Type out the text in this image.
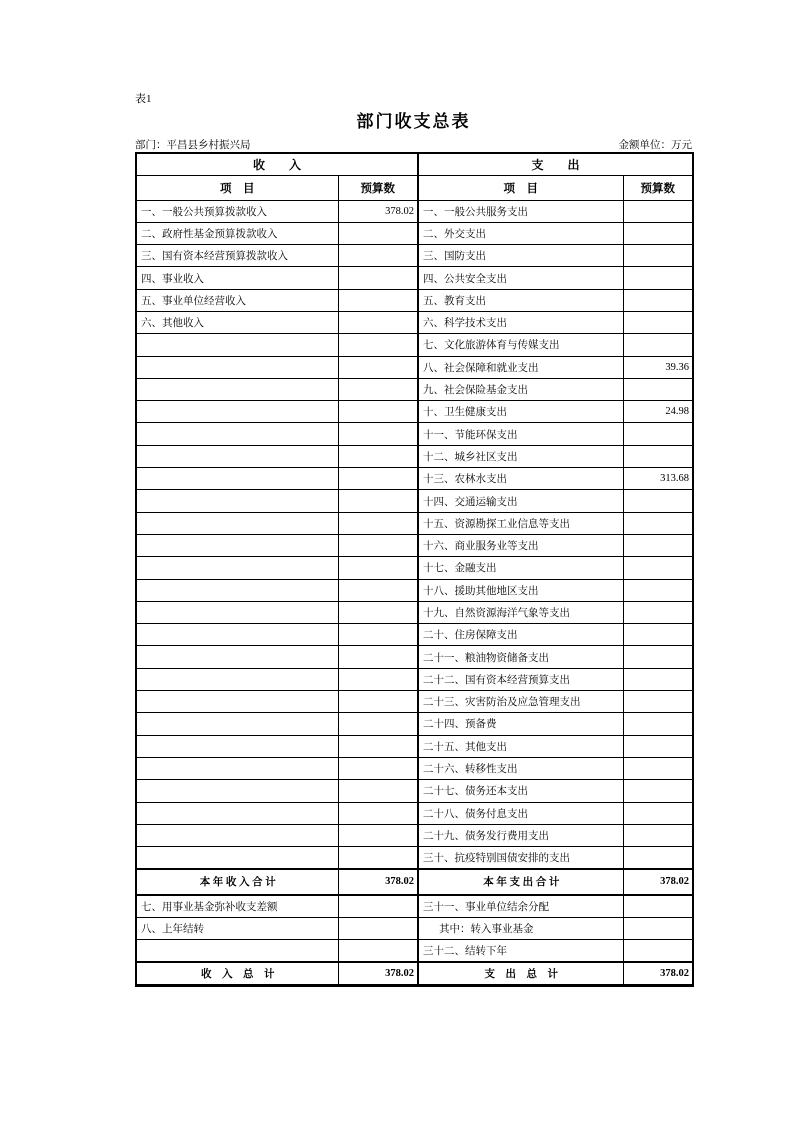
表1
部门收支总表
部门：平昌县乡村振兴局	金额单位：万元
收　　入		支　　出	
项　目	预算数	项　目	预算数
一、一般公共预算拨款收入	378.02	一、一般公共服务支出	
二、政府性基金预算拨款收入		二、外交支出	
三、国有资本经营预算拨款收入		三、国防支出	
四、事业收入		四、公共安全支出	
五、事业单位经营收入		五、教育支出	
六、其他收入		六、科学技术支出	
		七、文化旅游体育与传媒支出	
		八、社会保障和就业支出	39.36
		九、社会保险基金支出	
		十、卫生健康支出	24.98
		十一、节能环保支出	
		十二、城乡社区支出	
		十三、农林水支出	313.68
		十四、交通运输支出	
		十五、资源勘探工业信息等支出	
		十六、商业服务业等支出	
		十七、金融支出	
		十八、援助其他地区支出	
		十九、自然资源海洋气象等支出	
		二十、住房保障支出	
		二十一、粮油物资储备支出	
		二十二、国有资本经营预算支出	
		二十三、灾害防治及应急管理支出	
		二十四、预备费	
		二十五、其他支出	
		二十六、转移性支出	
		二十七、债务还本支出	
		二十八、债务付息支出	
		二十九、债务发行费用支出	
		三十、抗疫特别国债安排的支出	
本 年 收 入 合 计	378.02	本 年 支 出 合 计	378.02
七、用事业基金弥补收支差额		三十一、事业单位结余分配	
八、上年结转		其中：转入事业基金	
		三十二、结转下年	
收　入　总　计	378.02	支　出　总　计	378.02
